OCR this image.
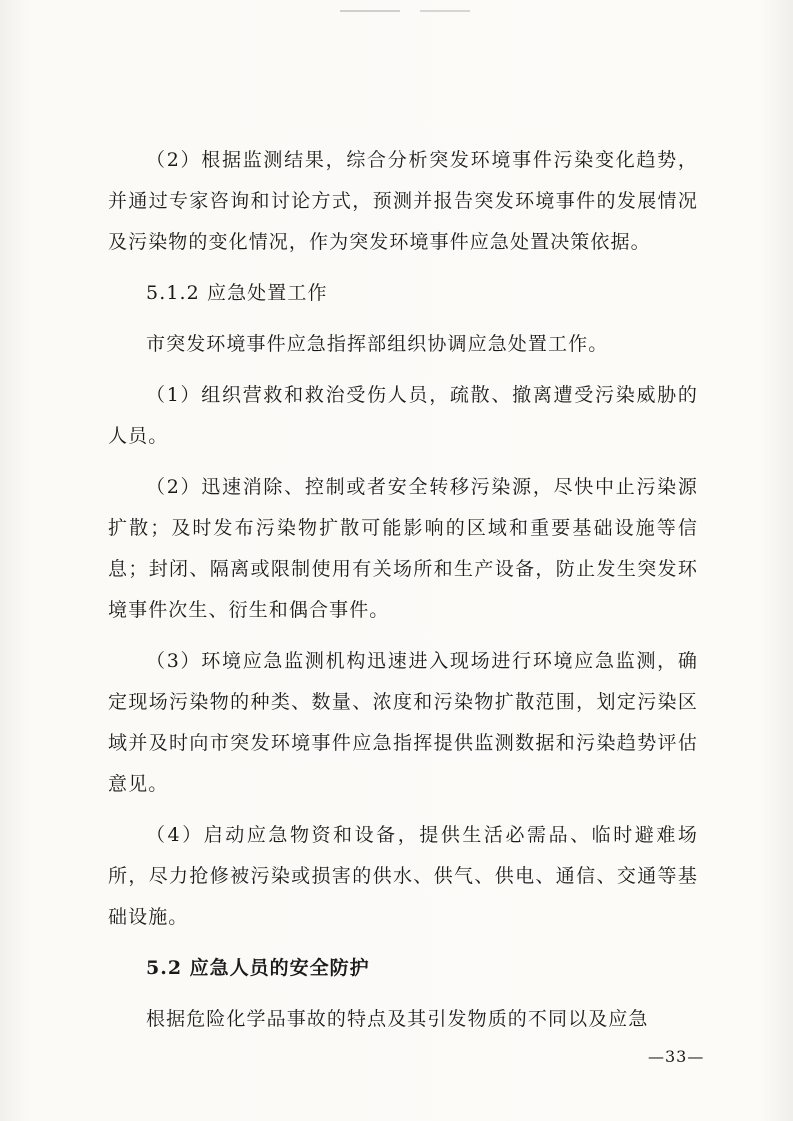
（2）根据监测结果，综合分析突发环境事件污染变化趋势，并通过专家咨询和讨论方式，预测并报告突发环境事件的发展情况及污染物的变化情况，作为突发环境事件应急处置决策依据。

5.1.2 应急处置工作

市突发环境事件应急指挥部组织协调应急处置工作。

（1）组织营救和救治受伤人员，疏散、撤离遭受污染威胁的人员。

（2）迅速消除、控制或者安全转移污染源，尽快中止污染源扩散；及时发布污染物扩散可能影响的区域和重要基础设施等信息；封闭、隔离或限制使用有关场所和生产设备，防止发生突发环境事件次生、衍生和偶合事件。

（3）环境应急监测机构迅速进入现场进行环境应急监测，确定现场污染物的种类、数量、浓度和污染物扩散范围，划定污染区域并及时向市突发环境事件应急指挥提供监测数据和污染趋势评估意见。

（4）启动应急物资和设备，提供生活必需品、临时避难场所，尽力抢修被污染或损害的供水、供气、供电、通信、交通等基础设施。

5.2 应急人员的安全防护

根据危险化学品事故的特点及其引发物质的不同以及应急

—33—
